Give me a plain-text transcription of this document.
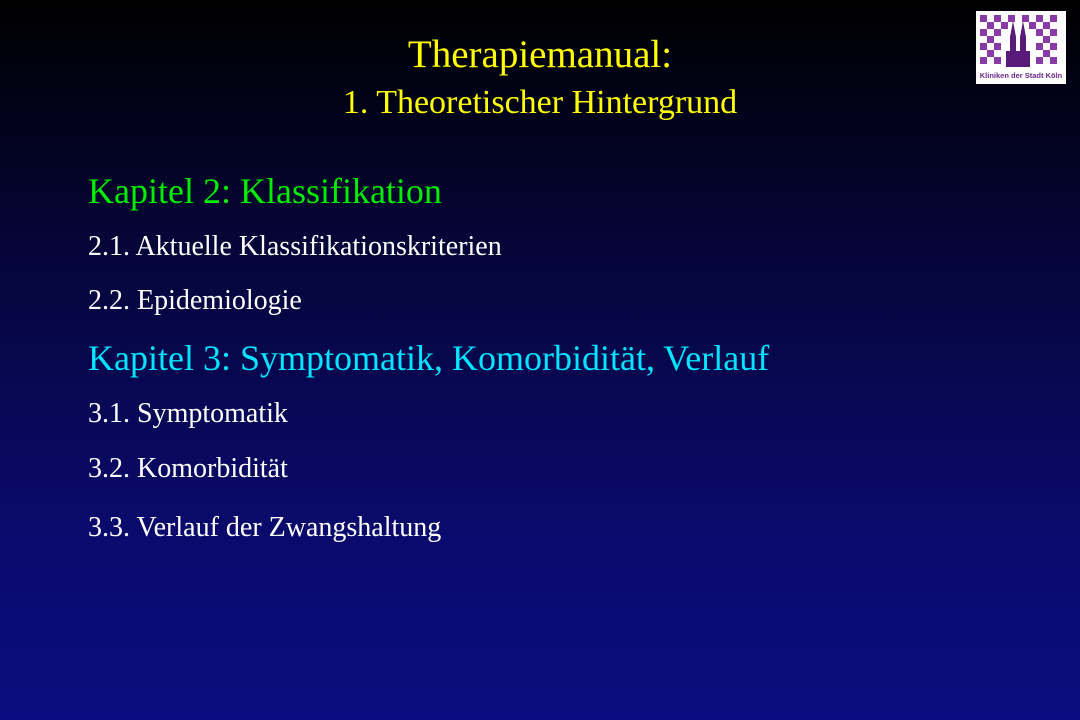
Therapiemanual:
1. Theoretischer Hintergrund
Kliniken der Stadt Köln
Kapitel 2: Klassifikation
2.1. Aktuelle Klassifikationskriterien
2.2. Epidemiologie
Kapitel 3: Symptomatik, Komorbidität, Verlauf
3.1. Symptomatik
3.2. Komorbidität
3.3. Verlauf der Zwangshaltung
